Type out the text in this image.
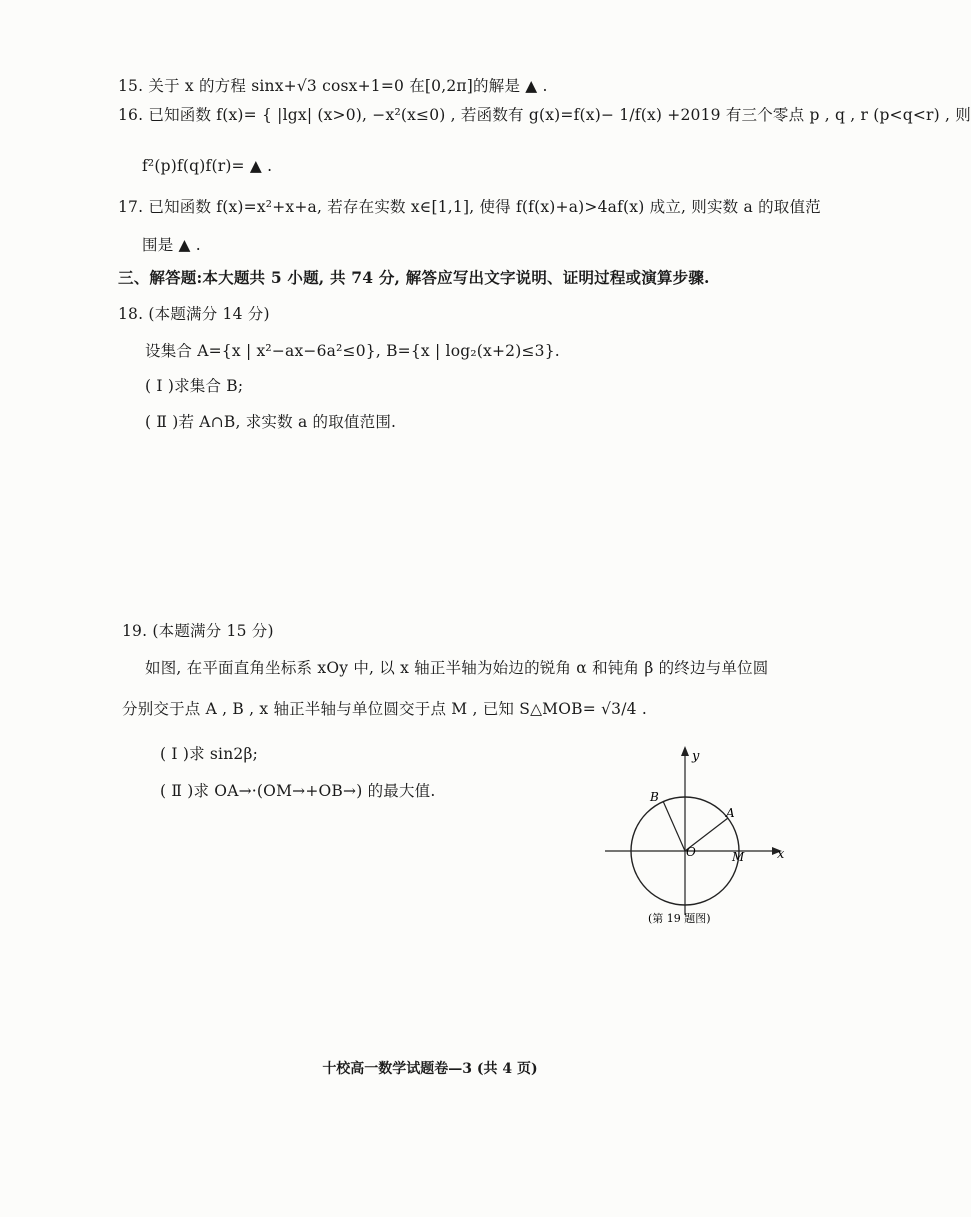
15. 关于 x 的方程 sinx+√3 cosx+1=0 在[0,2π]的解是 ▲ .
16. 已知函数 f(x)= { |lgx| (x>0), −x²(x≤0) , 若函数有 g(x)=f(x)− 1/f(x) +2019 有三个零点 p , q , r (p<q<r) , 则
f²(p)f(q)f(r)= ▲ .
17. 已知函数 f(x)=x²+x+a, 若存在实数 x∈[1,1], 使得 f(f(x)+a)>4af(x) 成立, 则实数 a 的取值范
围是 ▲ .
三、解答题:本大题共 5 小题, 共 74 分, 解答应写出文字说明、证明过程或演算步骤.
18. (本题满分 14 分)
设集合 A={x | x²−ax−6a²≤0}, B={x | log₂(x+2)≤3}.
( Ⅰ )求集合 B;
( Ⅱ )若 A∩B, 求实数 a 的取值范围.
19. (本题满分 15 分)
如图, 在平面直角坐标系 xOy 中, 以 x 轴正半轴为始边的锐角 α 和钝角 β 的终边与单位圆
分别交于点 A , B , x 轴正半轴与单位圆交于点 M , 已知 S△MOB= √3/4 .
( Ⅰ )求 sin2β;
( Ⅱ )求 OA→·(OM→+OB→) 的最大值.
y
x
O	M
A
B
(第 19 题图)
十校高一数学试题卷—3 (共 4 页)
